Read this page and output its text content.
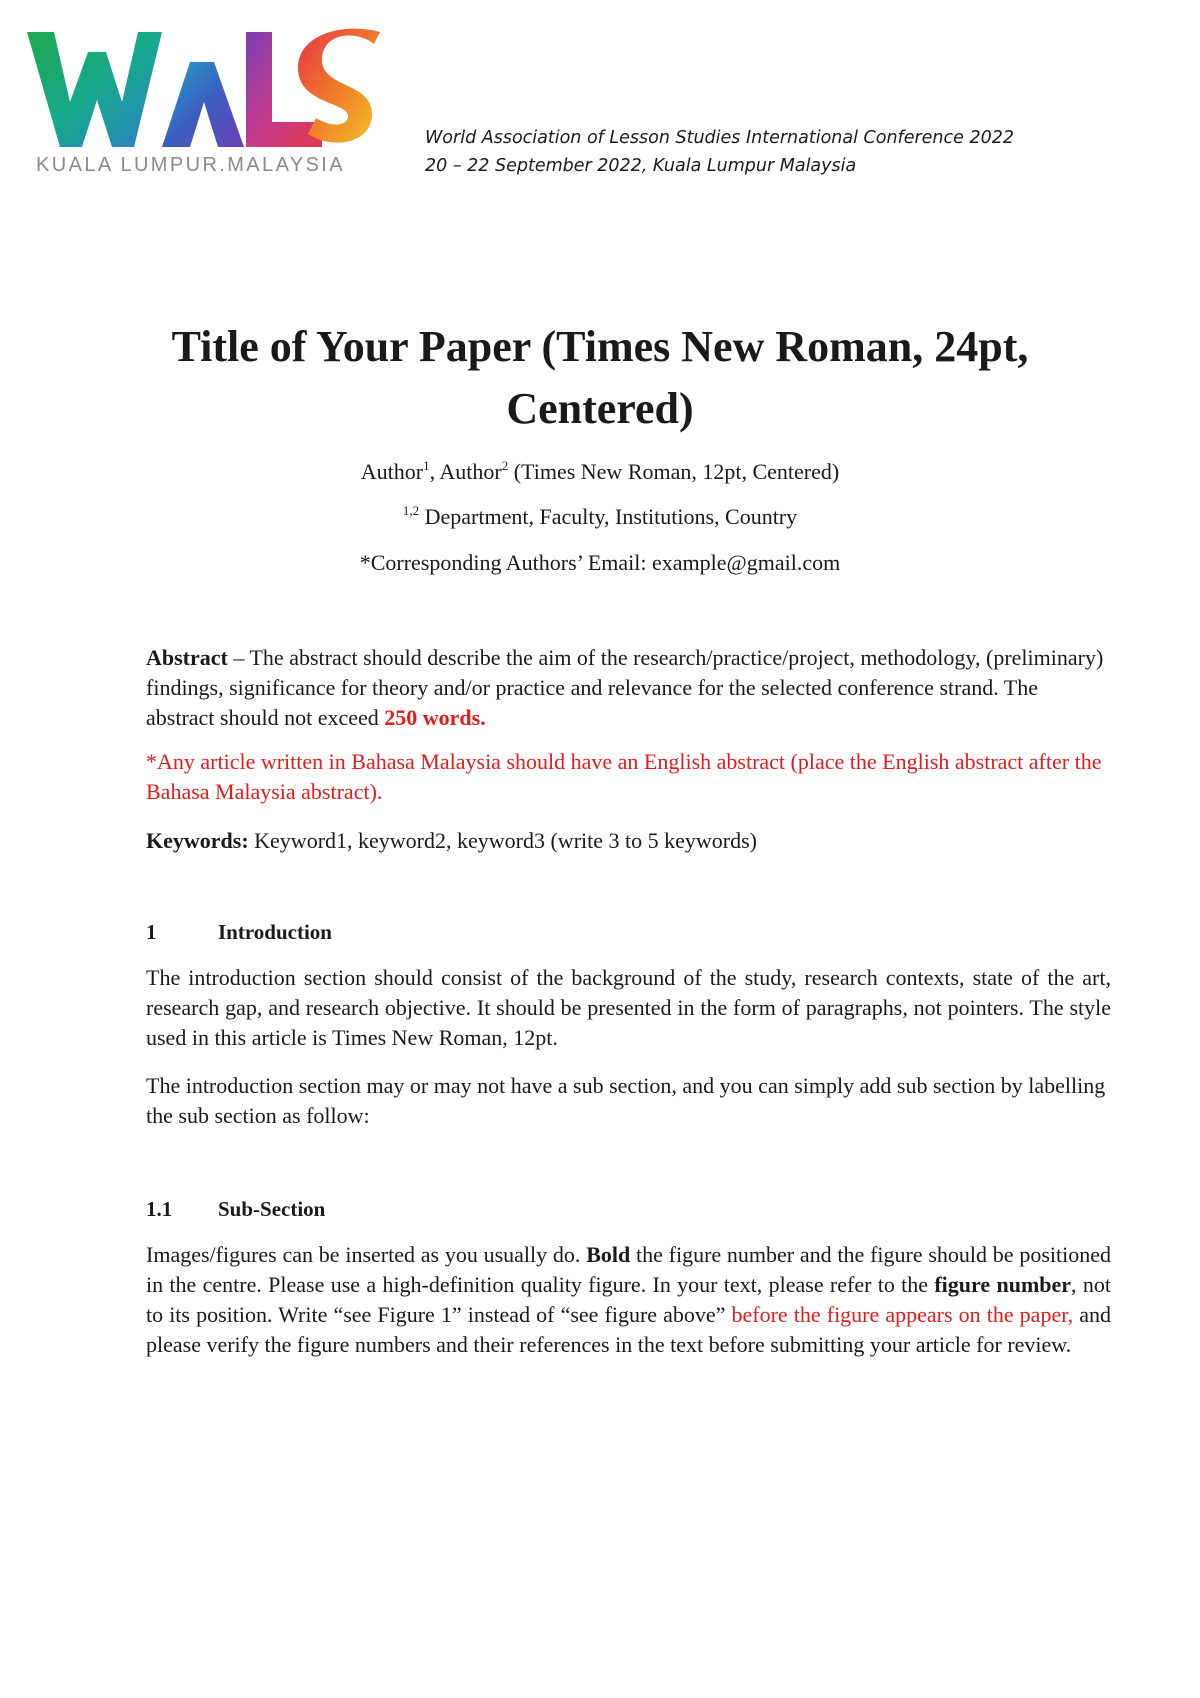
KUALA LUMPUR.MALAYSIA
World Association of Lesson Studies International Conference 2022
20 – 22 September 2022, Kuala Lumpur Malaysia
Title of Your Paper (Times New Roman, 24pt,
Centered)
Author$^1$, Author$^2$ (Times New Roman, 12pt, Centered)
$^{1,2}$ Department, Faculty, Institutions, Country
*Corresponding Authors’ Email: example@gmail.com

Abstract – The abstract should describe the aim of the research/practice/project, methodology, (preliminary) findings, significance for theory and/or practice and relevance for the selected conference strand. The abstract should not exceed 250 words.

*Any article written in Bahasa Malaysia should have an English abstract (place the English abstract after the Bahasa Malaysia abstract).
Keywords: Keyword1, keyword2, keyword3 (write 3 to 5 keywords)
1	Introduction
The introduction section should consist of the background of the study, research contexts, state of the art, research gap, and research objective. It should be presented in the form of paragraphs, not pointers. The style used in this article is Times New Roman, 12pt.
The introduction section may or may not have a sub section, and you can simply add sub section by labelling the sub section as follow:
1.1 Sub-Section
Images/figures can be inserted as you usually do. Bold the figure number and the figure should be positioned in the centre. Please use a high-definition quality figure. In your text, please refer to the figure number, not to its position. Write “see Figure 1” instead of “see figure above” before the figure appears on the paper, and please verify the figure numbers and their references in the text before submitting your article for review.
